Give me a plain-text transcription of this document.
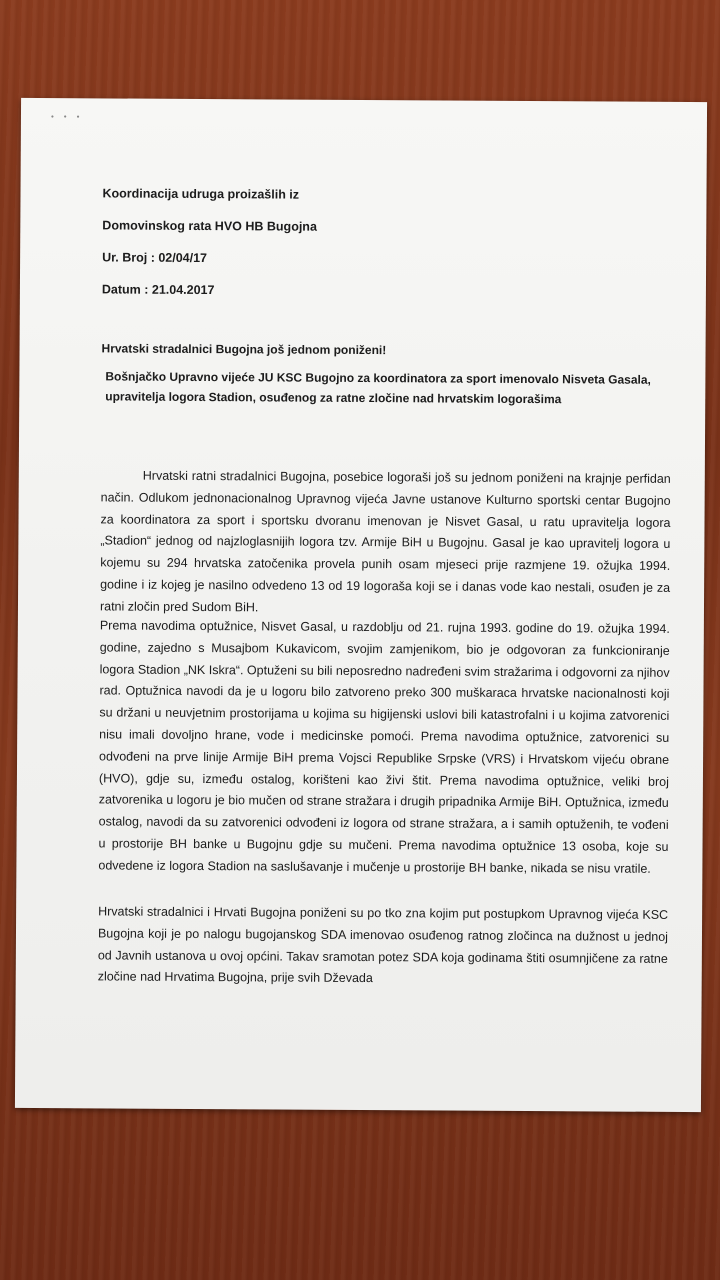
•••
Koordinacija udruga proizašlih iz
Domovinskog rata HVO HB Bugojna
Ur. Broj : 02/04/17
Datum : 21.04.2017
Hrvatski stradalnici Bugojna još jednom poniženi!
Bošnjačko Upravno vijeće JU KSC Bugojno za koordinatora za sport imenovalo Nisveta Gasala, upravitelja logora Stadion, osuđenog za ratne zločine nad hrvatskim logorašima
Hrvatski ratni stradalnici Bugojna, posebice logoraši još su jednom poniženi na krajnje perfidan način. Odlukom jednonacionalnog Upravnog vijeća Javne ustanove Kulturno sportski centar Bugojno za koordinatora za sport i sportsku dvoranu imenovan je Nisvet Gasal, u ratu upravitelja logora „Stadion“ jednog od najzloglasnijih logora tzv. Armije BiH u Bugojnu. Gasal je kao upravitelj logora u kojemu su 294 hrvatska zatočenika provela punih osam mjeseci prije razmjene 19. ožujka 1994. godine i iz kojeg je nasilno odvedeno 13 od 19 logoraša koji se i danas vode kao nestali, osuđen je za ratni zločin pred Sudom BiH.
Prema navodima optužnice, Nisvet Gasal, u razdoblju od 21. rujna 1993. godine do 19. ožujka 1994. godine, zajedno s Musajbom Kukavicom, svojim zamjenikom, bio je odgovoran za funkcioniranje logora Stadion „NK Iskra“. Optuženi su bili neposredno nadređeni svim stražarima i odgovorni za njihov rad. Optužnica navodi da je u logoru bilo zatvoreno preko 300 muškaraca hrvatske nacionalnosti koji su držani u neuvjetnim prostorijama u kojima su higijenski uslovi bili katastrofalni i u kojima zatvorenici nisu imali dovoljno hrane, vode i medicinske pomoći. Prema navodima optužnice, zatvorenici su odvođeni na prve linije Armije BiH prema Vojsci Republike Srpske (VRS) i Hrvatskom vijeću obrane (HVO), gdje su, između ostalog, korišteni kao živi štit. Prema navodima optužnice, veliki broj zatvorenika u logoru je bio mučen od strane stražara i drugih pripadnika Armije BiH. Optužnica, između ostalog, navodi da su zatvorenici odvođeni iz logora od strane stražara, a i samih optuženih, te vođeni u prostorije BH banke u Bugojnu gdje su mučeni. Prema navodima optužnice 13 osoba, koje su odvedene iz logora Stadion na saslušavanje i mučenje u prostorije BH banke, nikada se nisu vratile.
Hrvatski stradalnici i Hrvati Bugojna poniženi su po tko zna kojim put postupkom Upravnog vijeća KSC Bugojna koji je po nalogu bugojanskog SDA imenovao osuđenog ratnog zločinca na dužnost u jednoj od Javnih ustanova u ovoj općini. Takav sramotan potez SDA koja godinama štiti osumnjičene za ratne zločine nad Hrvatima Bugojna, prije svih Dževada
